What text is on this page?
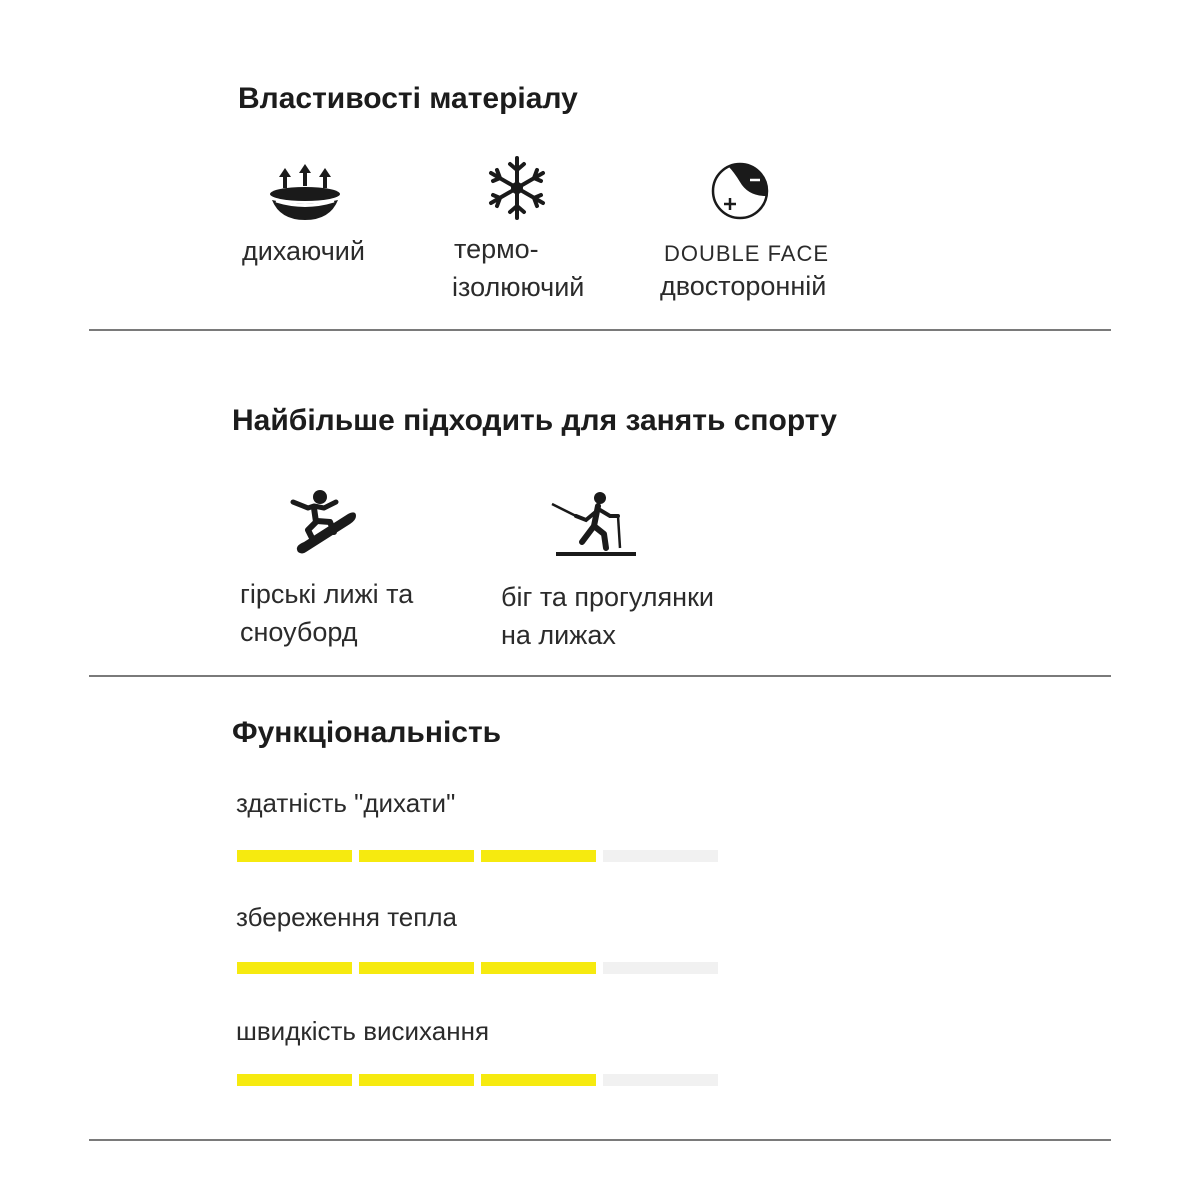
Властивості матеріалу

дихаючий	термо-

ізолюючий

DOUBLE FACE

двосторонній

Найбільше підходить для занять спорту

гірські лижі та

сноуборд

біг та прогулянки

на лижах

Функціональність

здатність "дихати"

збереження тепла

швидкість висихання
